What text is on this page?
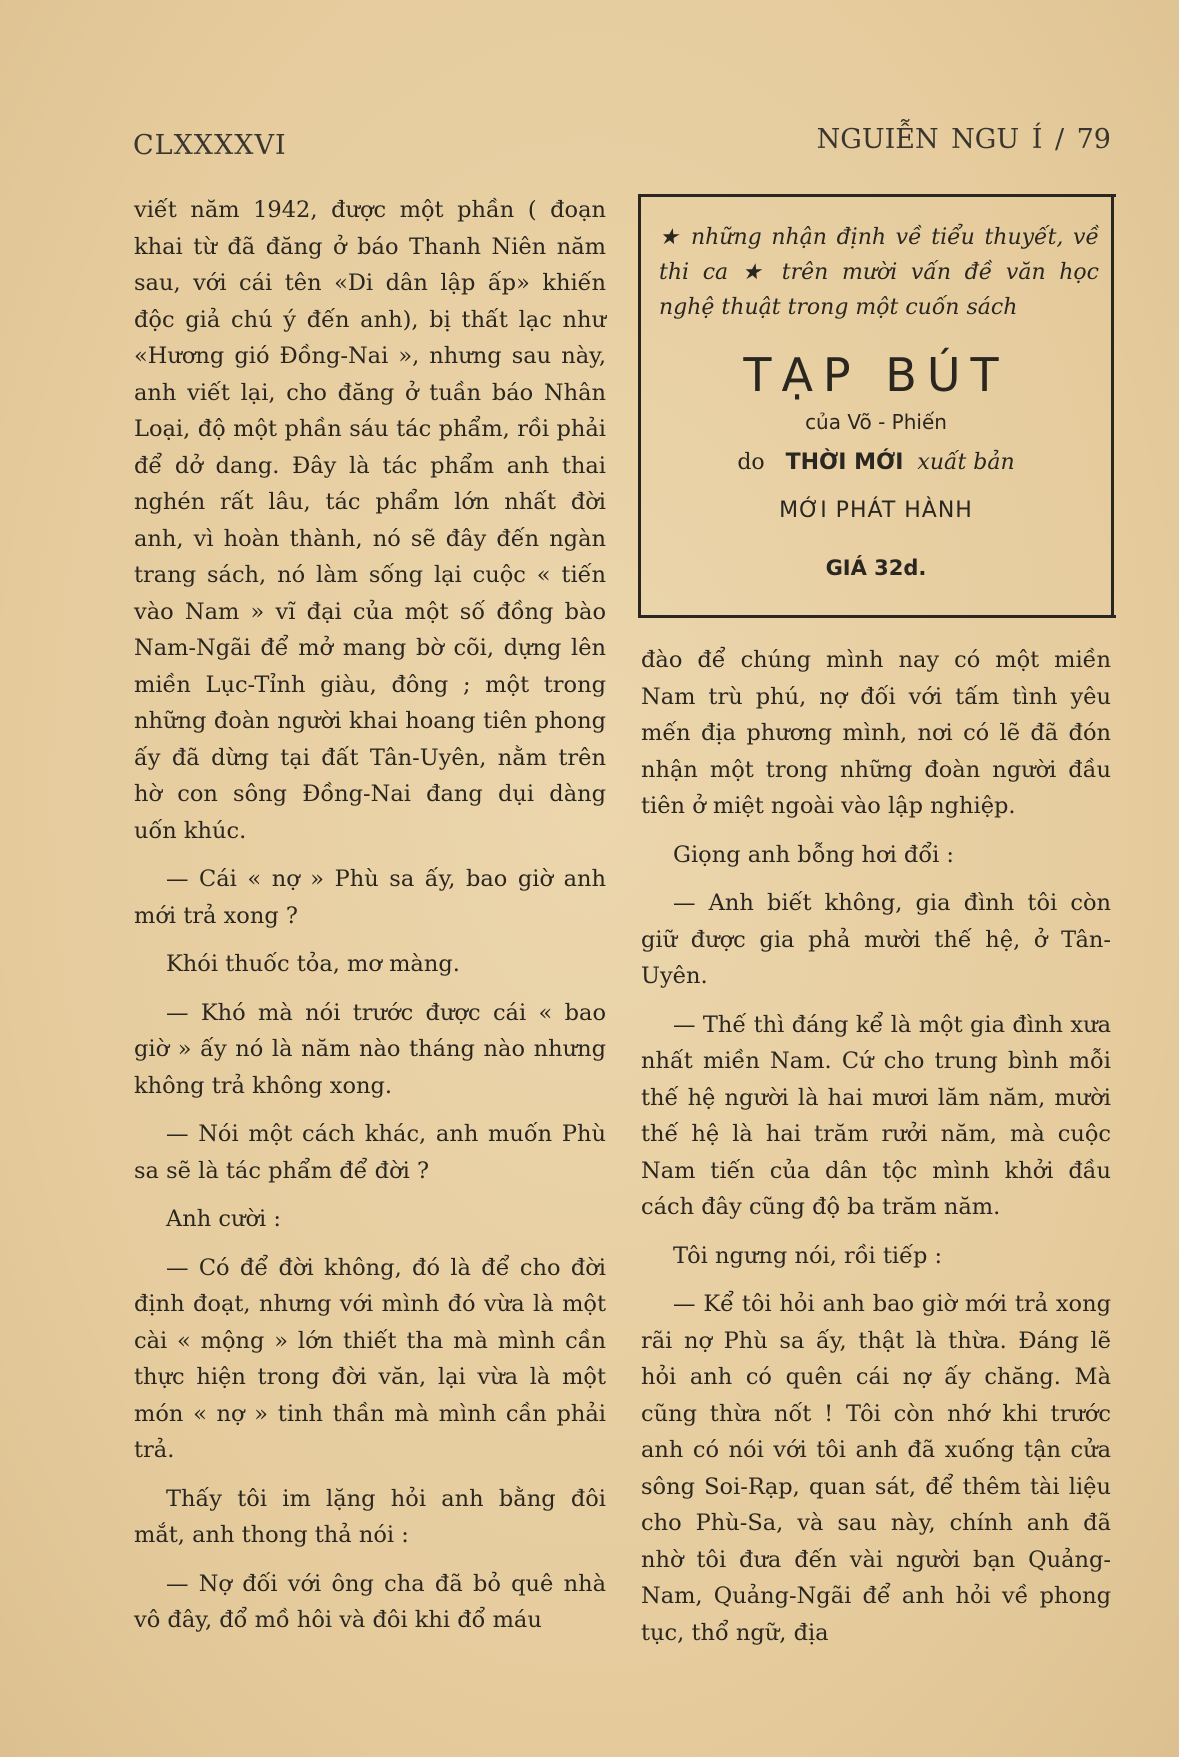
CLXXXXVI	NGUIỄN NGU Í / 79

viết năm 1942, được một phần ( đoạn khai từ đã đăng ở báo Thanh Niên năm sau, với cái tên «Di dân lập ấp» khiến độc giả chú ý đến anh), bị thất lạc như «Hương gió Đồng-Nai », nhưng sau này, anh viết lại, cho đăng ở tuần báo Nhân Loại, độ một phần sáu tác phẩm, rồi phải để dở dang. Đây là tác phẩm anh thai nghén rất lâu, tác phẩm lớn nhất đời anh, vì hoàn thành, nó sẽ đây đến ngàn trang sách, nó làm sống lại cuộc « tiến vào Nam » vĩ đại của một số đồng bào Nam-Ngãi để mở mang bờ cõi, dựng lên miền Lục-Tỉnh giàu, đông ; một trong những đoàn người khai hoang tiên phong ấy đã dừng tại đất Tân-Uyên, nằm trên hờ con sông Đồng-Nai đang dụi dàng uốn khúc.

— Cái « nợ » Phù sa ấy, bao giờ anh mới trả xong ?

Khói thuốc tỏa, mơ màng.

— Khó mà nói trước được cái « bao giờ » ấy nó là năm nào tháng nào nhưng không trả không xong.

— Nói một cách khác, anh muốn Phù sa sẽ là tác phẩm để đời ?

Anh cười :

— Có để đời không, đó là để cho đời định đoạt, nhưng với mình đó vừa là một cài « mộng » lớn thiết tha mà mình cần thực hiện trong đời văn, lại vừa là một món « nợ » tinh thần mà mình cần phải trả.

Thấy tôi im lặng hỏi anh bằng đôi mắt, anh thong thả nói :

— Nợ đối với ông cha đã bỏ quê nhà vô đây, đổ mồ hôi và đôi khi đổ máu

★ những nhận định về tiểu thuyết, về thi ca ★ trên mười vấn đề văn học nghệ thuật trong một cuốn sách
TẠP BÚT
của Võ - Phiến
do THỜI MỚI xuất bản
MỚI PHÁT HÀNH
GIÁ 32d.

đào để chúng mình nay có một miền Nam trù phú, nợ đối với tấm tình yêu mến địa phương mình, nơi có lẽ đã đón nhận một trong những đoàn người đầu tiên ở miệt ngoài vào lập nghiệp.

Giọng anh bỗng hơi đổi :

— Anh biết không, gia đình tôi còn giữ được gia phả mười thế hệ, ở Tân-Uyên.

— Thế thì đáng kể là một gia đình xưa nhất miền Nam. Cứ cho trung bình mỗi thế hệ người là hai mươi lăm năm, mười thế hệ là hai trăm rưởi năm, mà cuộc Nam tiến của dân tộc mình khởi đầu cách đây cũng độ ba trăm năm.

Tôi ngưng nói, rồi tiếp :

— Kể tôi hỏi anh bao giờ mới trả xong rãi nợ Phù sa ấy, thật là thừa. Đáng lẽ hỏi anh có quên cái nợ ấy chăng. Mà cũng thừa nốt ! Tôi còn nhớ khi trước anh có nói với tôi anh đã xuống tận cửa sông Soi-Rạp, quan sát, để thêm tài liệu cho Phù-Sa, và sau này, chính anh đã nhờ tôi đưa đến vài người bạn Quảng-Nam, Quảng-Ngãi để anh hỏi về phong tục, thổ ngữ, địa
